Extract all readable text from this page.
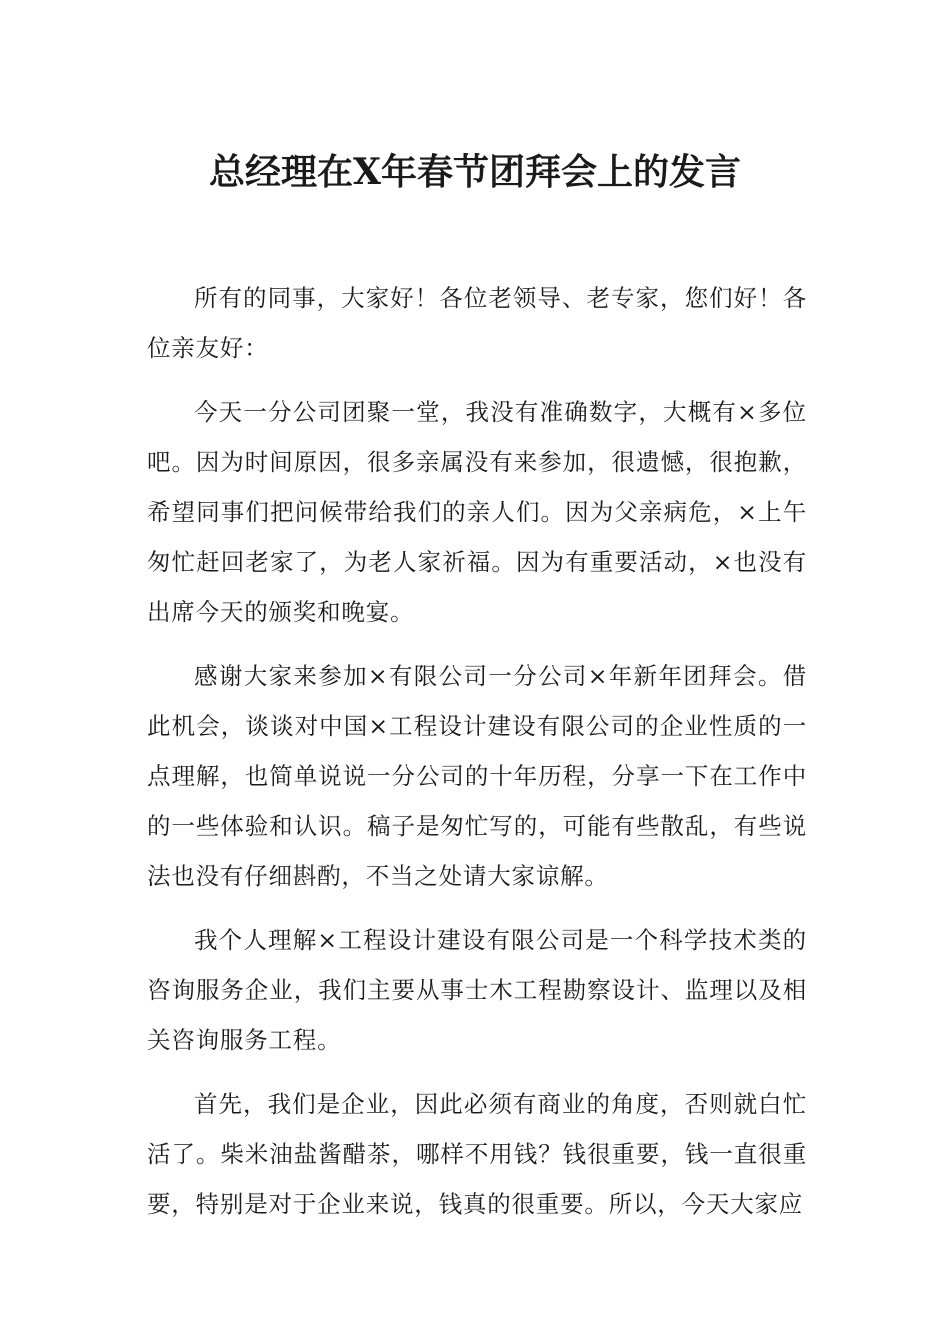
总经理在X年春节团拜会上的发言

所有的同事，大家好！各位老领导、老专家，您们好！各位亲友好：

今天一分公司团聚一堂，我没有准确数字，大概有×多位吧。因为时间原因，很多亲属没有来参加，很遗憾，很抱歉，希望同事们把问候带给我们的亲人们。因为父亲病危，×上午匆忙赶回老家了，为老人家祈福。因为有重要活动，×也没有出席今天的颁奖和晚宴。

感谢大家来参加×有限公司一分公司×年新年团拜会。借此机会，谈谈对中国×工程设计建设有限公司的企业性质的一点理解，也简单说说一分公司的十年历程，分享一下在工作中的一些体验和认识。稿子是匆忙写的，可能有些散乱，有些说法也没有仔细斟酌，不当之处请大家谅解。

我个人理解×工程设计建设有限公司是一个科学技术类的咨询服务企业，我们主要从事士木工程勘察设计、监理以及相关咨询服务工程。

首先，我们是企业，因此必须有商业的角度，否则就白忙活了。柴米油盐酱醋茶，哪样不用钱？钱很重要，钱一直很重要，特别是对于企业来说，钱真的很重要。所以，今天大家应
